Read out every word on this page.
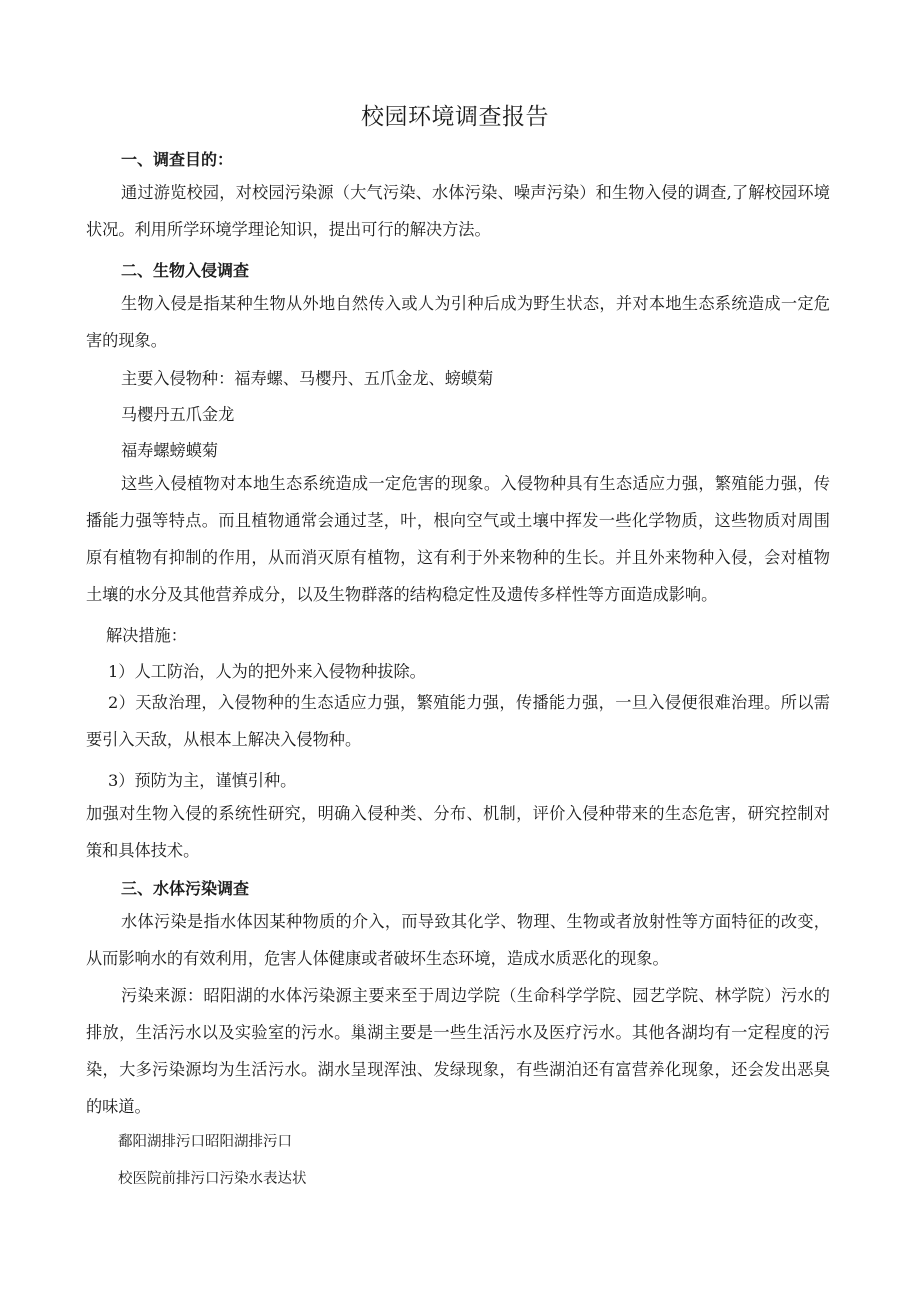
校园环境调查报告
一、调查目的：

通过游览校园，对校园污染源（大气污染、水体污染、噪声污染）和生物入侵的调查,了解校园环境状况。利用所学环境学理论知识，提出可行的解决方法。

二、生物入侵调查

生物入侵是指某种生物从外地自然传入或人为引种后成为野生状态，并对本地生态系统造成一定危害的现象。

主要入侵物种：福寿螺、马樱丹、五爪金龙、螃蟆菊
马樱丹五爪金龙
福寿螺螃蟆菊

这些入侵植物对本地生态系统造成一定危害的现象。入侵物种具有生态适应力强，繁殖能力强，传播能力强等特点。而且植物通常会通过茎，叶，根向空气或土壤中挥发一些化学物质，这些物质对周围原有植物有抑制的作用，从而消灭原有植物，这有利于外来物种的生长。并且外来物种入侵，会对植物土壤的水分及其他营养成分，以及生物群落的结构稳定性及遗传多样性等方面造成影响。

解决措施：
1）人工防治，人为的把外来入侵物种拔除。

2）天敌治理，入侵物种的生态适应力强，繁殖能力强，传播能力强，一旦入侵便很难治理。所以需要引入天敌，从根本上解决入侵物种。

3）预防为主，谨慎引种。

加强对生物入侵的系统性研究，明确入侵种类、分布、机制，评价入侵种带来的生态危害，研究控制对策和具体技术。

三、水体污染调查

水体污染是指水体因某种物质的介入，而导致其化学、物理、生物或者放射性等方面特征的改变，从而影响水的有效利用，危害人体健康或者破坏生态环境，造成水质恶化的现象。

污染来源：昭阳湖的水体污染源主要来至于周边学院（生命科学学院、园艺学院、林学院）污水的排放，生活污水以及实验室的污水。巢湖主要是一些生活污水及医疗污水。其他各湖均有一定程度的污染，大多污染源均为生活污水。湖水呈现浑浊、发绿现象，有些湖泊还有富营养化现象，还会发出恶臭的味道。

鄱阳湖排污口昭阳湖排污口
校医院前排污口污染水表达状
